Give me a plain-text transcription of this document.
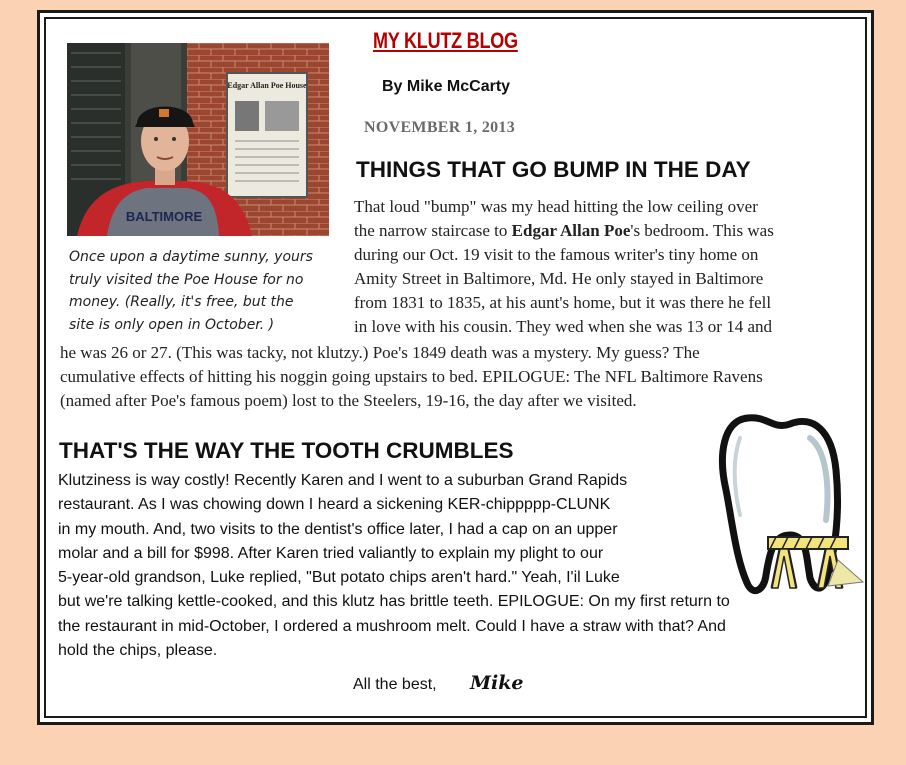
Edgar Allan Poe House
BALTIMORE
Once upon a daytime sunny, yours
truly visited the Poe House for no
money. (Really, it's free, but the
site is only open in October. )
MY KLUTZ BLOG
By Mike McCarty
NOVEMBER 1, 2013
THINGS THAT GO BUMP IN THE DAY
That loud "bump" was my head hitting the low ceiling over
the narrow staircase to Edgar Allan Poe's bedroom. This was
during our Oct. 19 visit to the famous writer's tiny home on
Amity Street in Baltimore, Md. He only stayed in Baltimore
from 1831 to 1835, at his aunt's home, but it was there he fell
in love with his cousin. They wed when she was 13 or 14 and
he was 26 or 27. (This was tacky, not klutzy.) Poe's 1849 death was a mystery. My guess? The
cumulative effects of hitting his noggin going upstairs to bed. EPILOGUE: The NFL Baltimore Ravens
(named after Poe's famous poem) lost to the Steelers, 19-16, the day after we visited.
THAT'S THE WAY THE TOOTH CRUMBLES
Klutziness is way costly! Recently Karen and I went to a suburban Grand Rapids
restaurant. As I was chowing down I heard a sickening KER-chippppp-CLUNK
in my mouth. And, two visits to the dentist's office later, I had a cap on an upper
molar and a bill for $998. After Karen tried valiantly to explain my plight to our
5-year-old grandson, Luke replied, "But potato chips aren't hard." Yeah, I'il Luke
but we're talking kettle-cooked, and this klutz has brittle teeth. EPILOGUE: On my first return to
the restaurant in mid-October, I ordered a mushroom melt. Could I have a straw with that? And
hold the chips, please.
All the best, Mike
